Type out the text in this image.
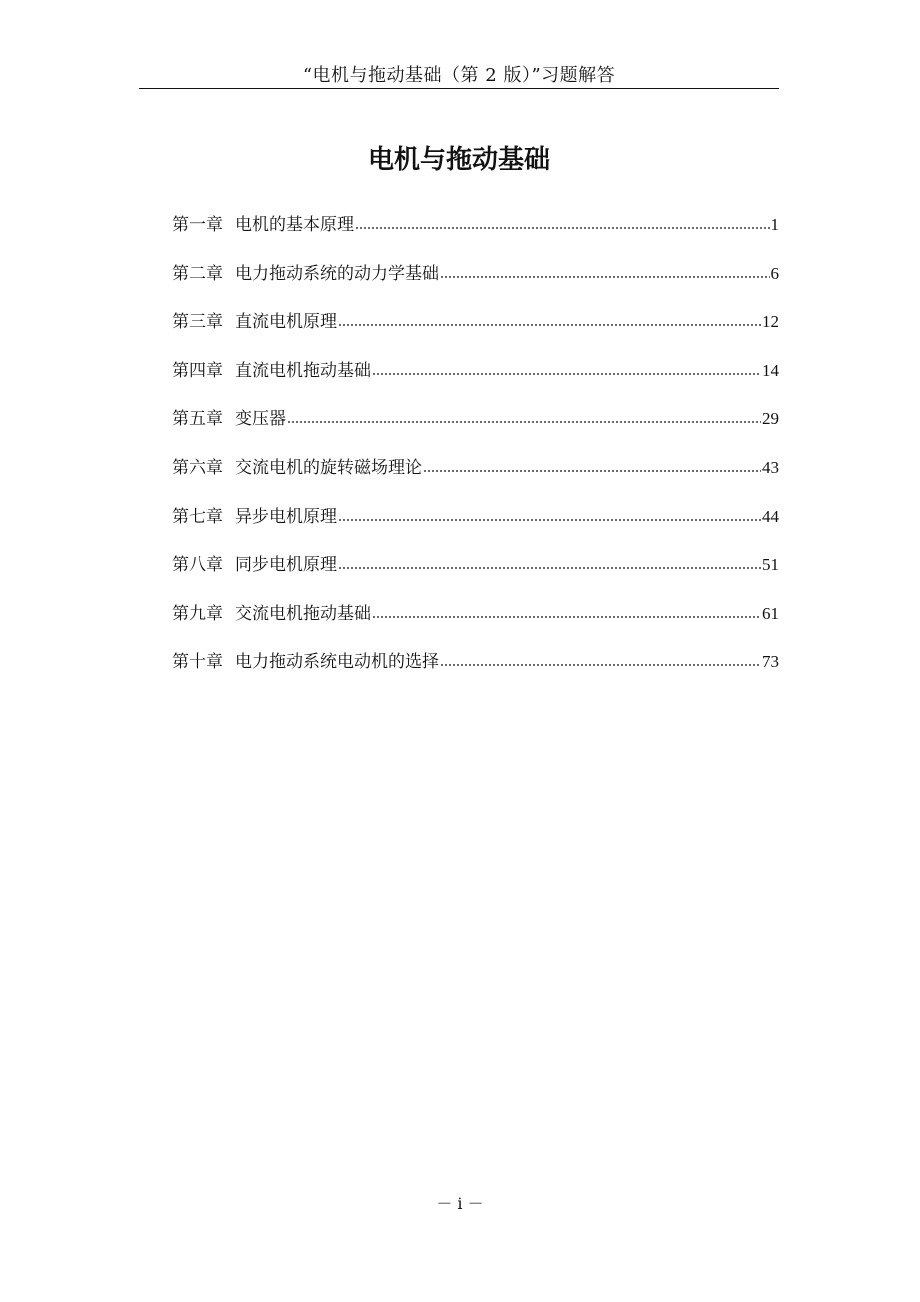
“电机与拖动基础（第 2 版）”习题解答
电机与拖动基础
第一章 电机的基本原理	1
第二章 电力拖动系统的动力学基础	6
第三章 直流电机原理	12
第四章 直流电机拖动基础	14
第五章 变压器	29
第六章 交流电机的旋转磁场理论	43
第七章 异步电机原理	44
第八章 同步电机原理	51
第九章 交流电机拖动基础	61
第十章 电力拖动系统电动机的选择	73
－ i －
